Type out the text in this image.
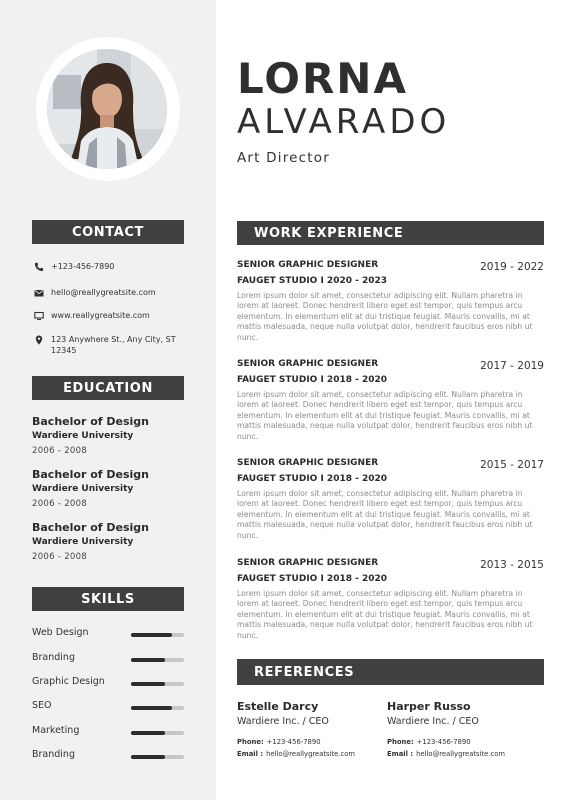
LORNA
ALVARADO
Art Director
CONTACT
+123-456-7890
hello@reallygreatsite.com
www.reallygreatsite.com
123 Anywhere St., Any City, ST 12345
EDUCATION
Bachelor of Design
Wardiere University
2006 - 2008
Bachelor of Design
Wardiere University
2006 - 2008
Bachelor of Design
Wardiere University
2006 - 2008
SKILLS
Web Design
Branding
Graphic Design
SEO
Marketing
Branding
WORK EXPERIENCE
SENIOR GRAPHIC DESIGNER	2019 - 2022
FAUGET STUDIO I 2020 - 2023
Lorem ipsum dolor sit amet, consectetur adipiscing elit. Nullam pharetra in lorem at laoreet. Donec hendrerit libero eget est tempor, quis tempus arcu elementum. In elementum elit at dui tristique feugiat. Mauris convallis, mi at mattis malesuada, neque nulla volutpat dolor, hendrerit faucibus eros nibh ut nunc.
SENIOR GRAPHIC DESIGNER	2017 - 2019
FAUGET STUDIO I 2018 - 2020
Lorem ipsum dolor sit amet, consectetur adipiscing elit. Nullam pharetra in lorem at laoreet. Donec hendrerit libero eget est tempor, quis tempus arcu elementum. In elementum elit at dui tristique feugiat. Mauris convallis, mi at mattis malesuada, neque nulla volutpat dolor, hendrerit faucibus eros nibh ut nunc.
SENIOR GRAPHIC DESIGNER	2015 - 2017
FAUGET STUDIO I 2018 - 2020
Lorem ipsum dolor sit amet, consectetur adipiscing elit. Nullam pharetra in lorem at laoreet. Donec hendrerit libero eget est tempor, quis tempus arcu elementum. In elementum elit at dui tristique feugiat. Mauris convallis, mi at mattis malesuada, neque nulla volutpat dolor, hendrerit faucibus eros nibh ut nunc.
SENIOR GRAPHIC DESIGNER	2013 - 2015
FAUGET STUDIO I 2018 - 2020
Lorem ipsum dolor sit amet, consectetur adipiscing elit. Nullam pharetra in lorem at laoreet. Donec hendrerit libero eget est tempor, quis tempus arcu elementum. In elementum elit at dui tristique feugiat. Mauris convallis, mi at mattis malesuada, neque nulla volutpat dolor, hendrerit faucibus eros nibh ut nunc.
REFERENCES
Estelle Darcy
Wardiere Inc. / CEO
Phone: +123-456-7890
Email : hello@reallygreatsite.com
Harper Russo
Wardiere Inc. / CEO
Phone: +123-456-7890
Email : hello@reallygreatsite.com
